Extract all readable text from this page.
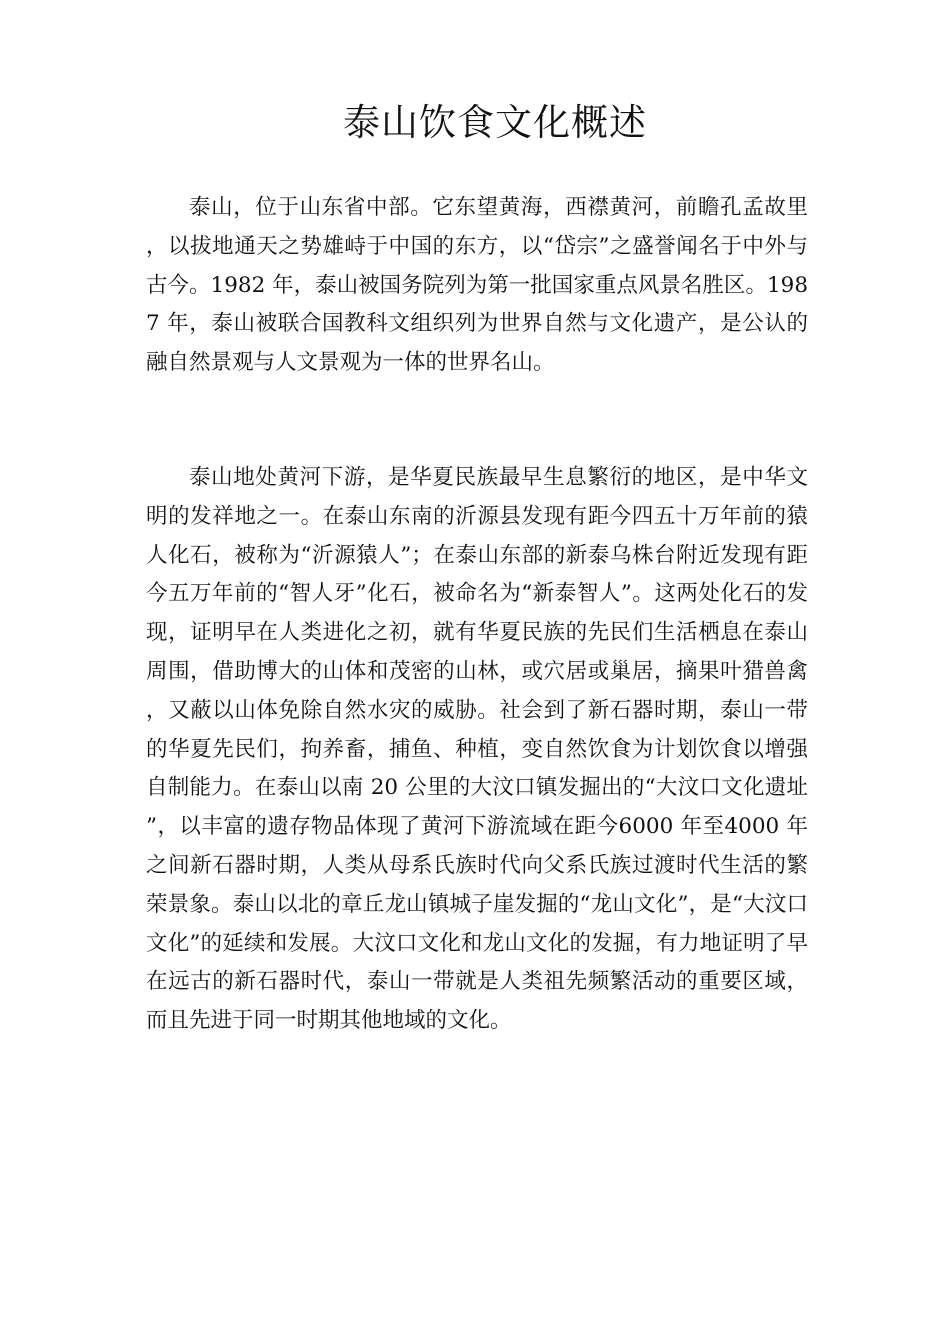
泰山饮食文化概述

泰山，位于山东省中部。它东望黄海，西襟黄河，前瞻孔孟故里，以拔地通天之势雄峙于中国的东方，以“岱宗”之盛誉闻名于中外与古今。1982 年，泰山被国务院列为第一批国家重点风景名胜区。1987 年，泰山被联合国教科文组织列为世界自然与文化遗产，是公认的融自然景观与人文景观为一体的世界名山。

泰山地处黄河下游，是华夏民族最早生息繁衍的地区，是中华文明的发祥地之一。在泰山东南的沂源县发现有距今四五十万年前的猿人化石，被称为“沂源猿人”；在泰山东部的新泰乌株台附近发现有距今五万年前的“智人牙”化石，被命名为“新泰智人”。这两处化石的发现，证明早在人类进化之初，就有华夏民族的先民们生活栖息在泰山周围，借助博大的山体和茂密的山林，或穴居或巢居，摘果叶猎兽禽，又蔽以山体免除自然水灾的威胁。社会到了新石器时期，泰山一带的华夏先民们，拘养畜，捕鱼、种植，变自然饮食为计划饮食以增强自制能力。在泰山以南 20 公里的大汶口镇发掘出的“大汶口文化遗址”，以丰富的遗存物品体现了黄河下游流域在距今6000 年至4000 年之间新石器时期，人类从母系氏族时代向父系氏族过渡时代生活的繁荣景象。泰山以北的章丘龙山镇城子崖发掘的“龙山文化”，是“大汶口文化”的延续和发展。大汶口文化和龙山文化的发掘，有力地证明了早在远古的新石器时代，泰山一带就是人类祖先频繁活动的重要区域，而且先进于同一时期其他地域的文化。
